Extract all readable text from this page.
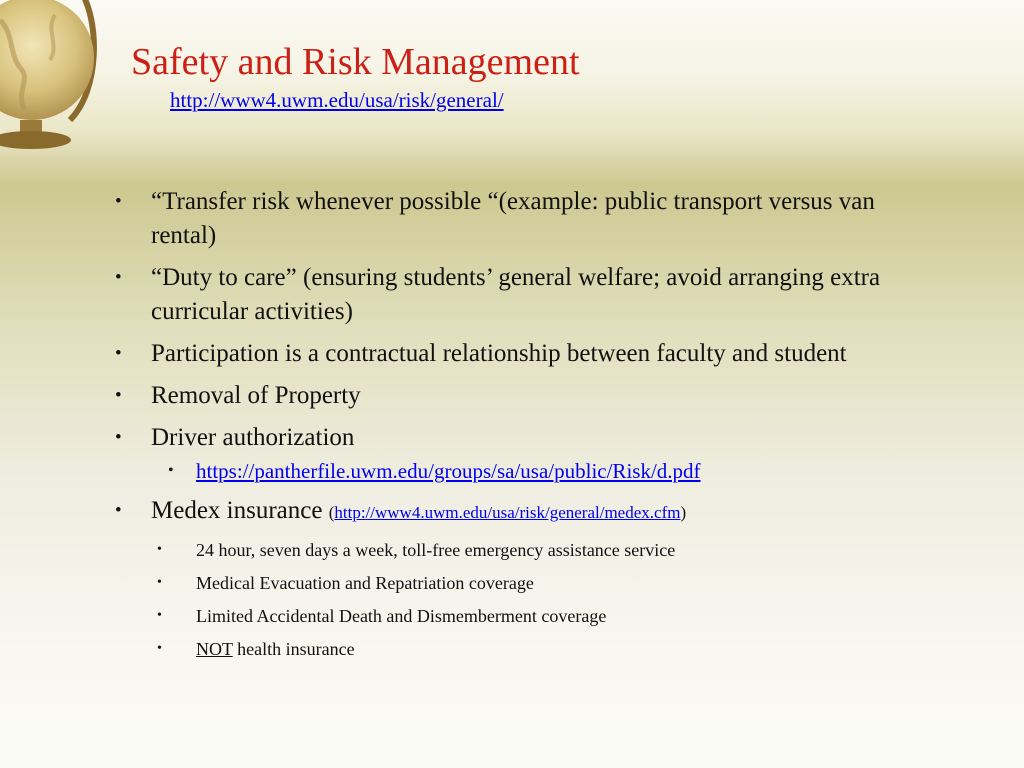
Safety and Risk Management
http://www4.uwm.edu/usa/risk/general/
• “Transfer risk whenever possible “(example: public transport versus van rental)
• “Duty to care” (ensuring students’ general welfare; avoid arranging extra curricular activities)
• Participation is a contractual relationship between faculty and student
• Removal of Property
• Driver authorization
• https://pantherfile.uwm.edu/groups/sa/usa/public/Risk/d.pdf
• Medex insurance (http://www4.uwm.edu/usa/risk/general/medex.cfm)
• 24 hour, seven days a week, toll-free emergency assistance service
• Medical Evacuation and Repatriation coverage
• Limited Accidental Death and Dismemberment coverage
• NOT health insurance
